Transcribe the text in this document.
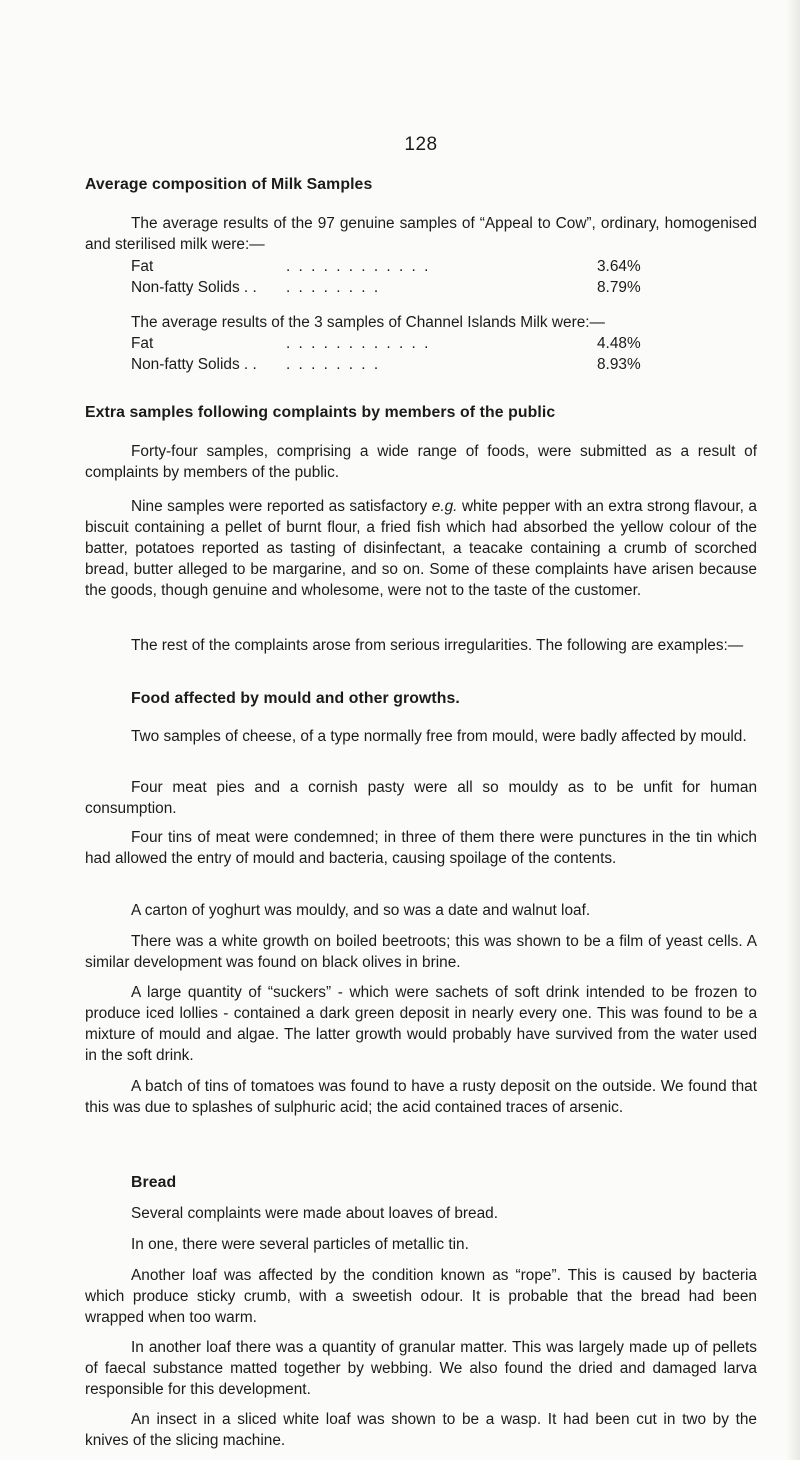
128
Average composition of Milk Samples

The average results of the 97 genuine samples of “Appeal to Cow”, ordinary, homogenised and sterilised milk were:—

Fat	. . . . . . . . . . . .	3.64%
Non-fatty Solids . . . . . . . . . .	8.79%

The average results of the 3 samples of Channel Islands Milk were:—

Fat	. . . . . . . . . . . .	4.48%
Non-fatty Solids . . . . . . . . . .	8.93%
Extra samples following complaints by members of the public

Forty-four samples, comprising a wide range of foods, were submitted as a result of complaints by members of the public.

Nine samples were reported as satisfactory e.g. white pepper with an extra strong flavour, a biscuit containing a pellet of burnt flour, a fried fish which had absorbed the yellow colour of the batter, potatoes reported as tasting of disinfectant, a teacake containing a crumb of scorched bread, butter alleged to be margarine, and so on. Some of these complaints have arisen because the goods, though genuine and wholesome, were not to the taste of the customer.

The rest of the complaints arose from serious irregularities. The following are examples:—

Food affected by mould and other growths.

Two samples of cheese, of a type normally free from mould, were badly affected by mould.

Four meat pies and a cornish pasty were all so mouldy as to be unfit for human consumption.

Four tins of meat were condemned; in three of them there were punctures in the tin which had allowed the entry of mould and bacteria, causing spoilage of the contents.

A carton of yoghurt was mouldy, and so was a date and walnut loaf.

There was a white growth on boiled beetroots; this was shown to be a film of yeast cells. A similar development was found on black olives in brine.

A large quantity of “suckers” - which were sachets of soft drink intended to be frozen to produce iced lollies - contained a dark green deposit in nearly every one. This was found to be a mixture of mould and algae. The latter growth would probably have survived from the water used in the soft drink.

A batch of tins of tomatoes was found to have a rusty deposit on the outside. We found that this was due to splashes of sulphuric acid; the acid contained traces of arsenic.

Bread

Several complaints were made about loaves of bread.

In one, there were several particles of metallic tin.

Another loaf was affected by the condition known as “rope”. This is caused by bacteria which produce sticky crumb, with a sweetish odour. It is probable that the bread had been wrapped when too warm.

In another loaf there was a quantity of granular matter. This was largely made up of pellets of faecal substance matted together by webbing. We also found the dried and damaged larva responsible for this development.

An insect in a sliced white loaf was shown to be a wasp. It had been cut in two by the knives of the slicing machine.
